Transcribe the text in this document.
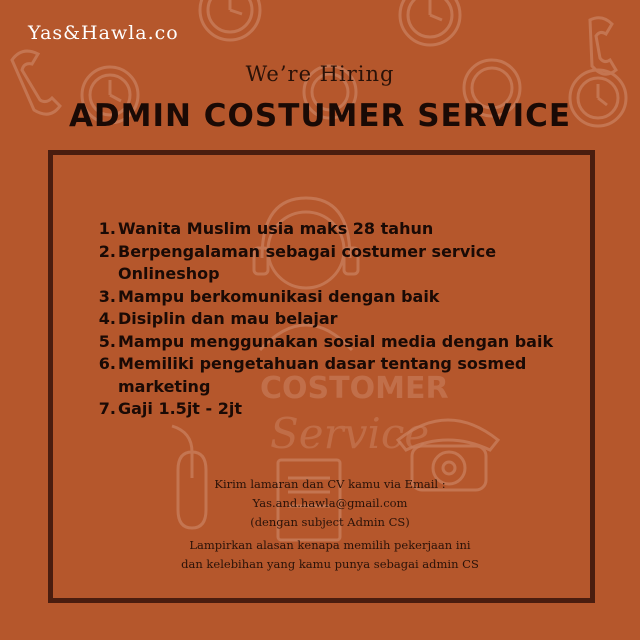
COSTOMER
Service
Yas&Hawla.co
We’re Hiring
ADMIN COSTUMER SERVICE
1. Wanita Muslim usia maks 28 tahun
2. Berpengalaman sebagai costumer service Onlineshop
3. Mampu berkomunikasi dengan baik
4. Disiplin dan mau belajar
5. Mampu menggunakan sosial media dengan baik
6. Memiliki pengetahuan dasar tentang sosmed marketing
7. Gaji 1.5jt - 2jt
Kirim lamaran dan CV kamu via Email :
Yas.and.hawla@gmail.com
(dengan subject Admin CS)
Lampirkan alasan kenapa memilih pekerjaan ini
dan kelebihan yang kamu punya sebagai admin CS
